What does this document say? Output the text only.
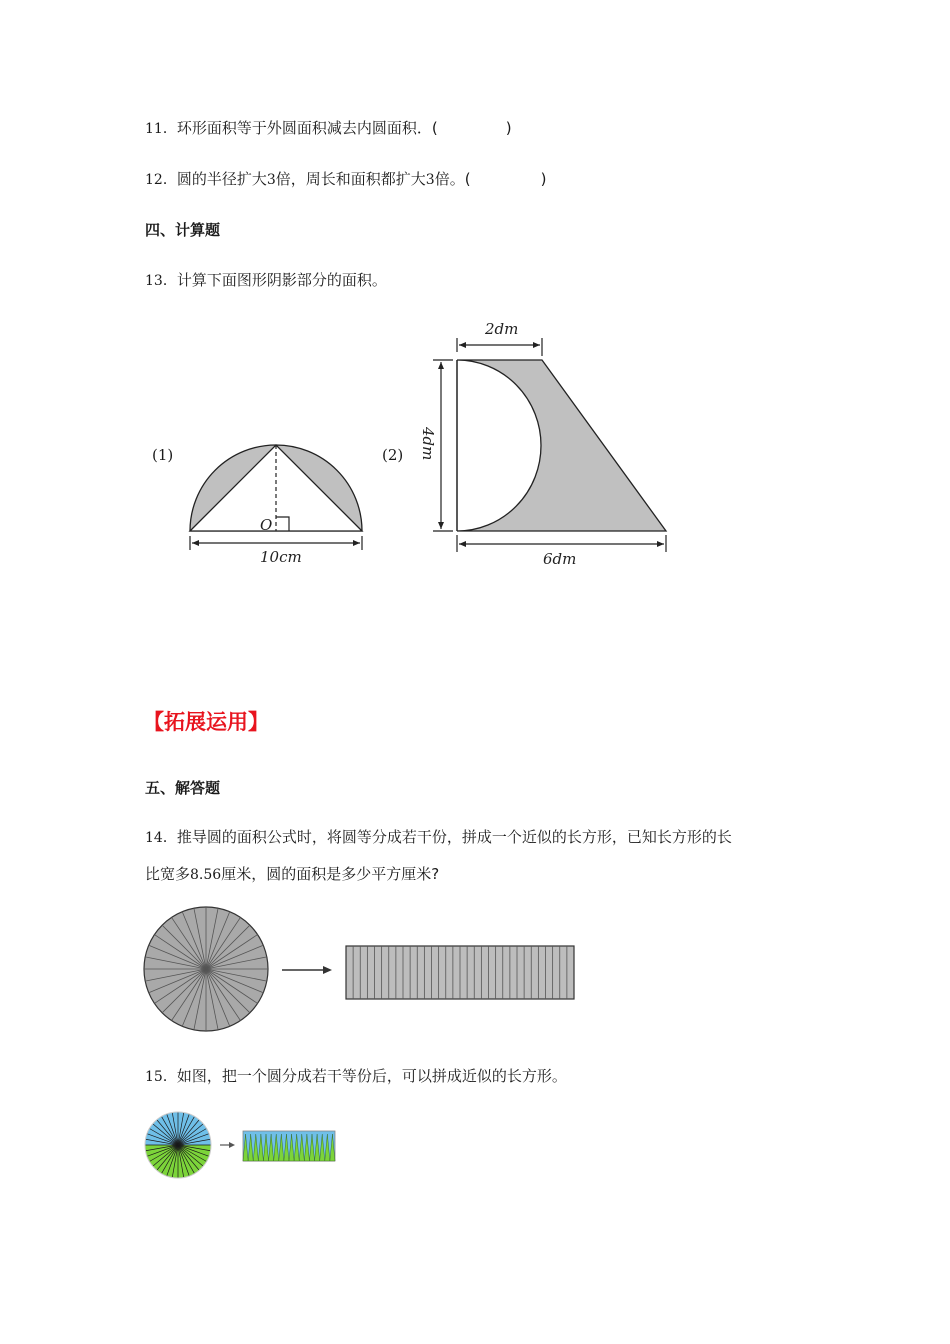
11．环形面积等于外圆面积减去内圆面积．(	)
12．圆的半径扩大3倍，周长和面积都扩大3倍。(	)
四、计算题
13．计算下面图形阴影部分的面积。
(1)	(2)
O
10cm
2dm
4dm
6dm
【拓展运用】
五、解答题
14．推导圆的面积公式时，将圆等分成若干份，拼成一个近似的长方形，已知长方形的长
比宽多8.56厘米，圆的面积是多少平方厘米?
15．如图，把一个圆分成若干等份后，可以拼成近似的长方形。
